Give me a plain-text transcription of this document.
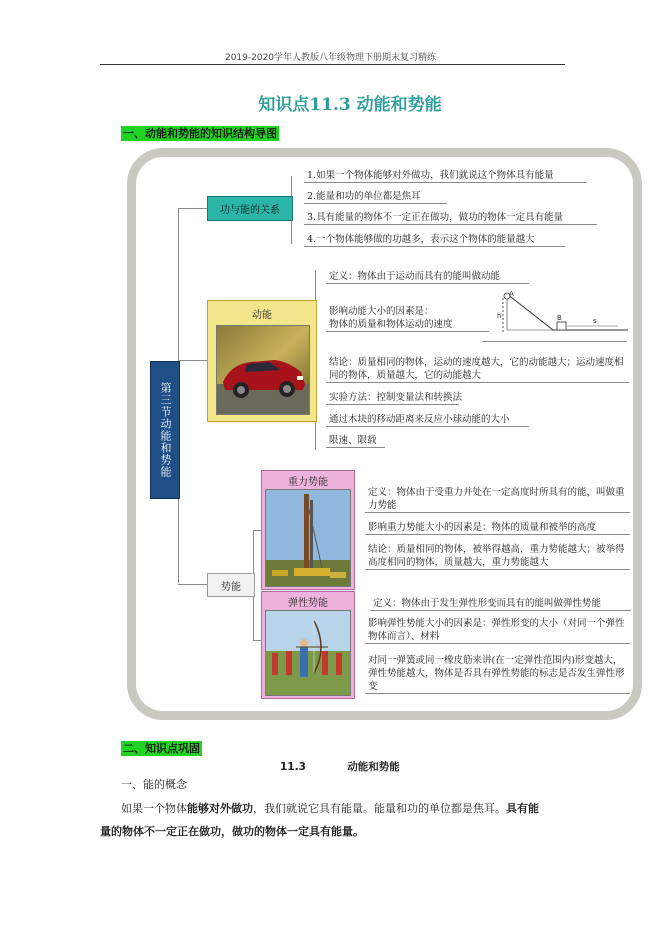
2019-2020学年人教版八年级物理下册期末复习精练
知识点11.3 动能和势能
一、动能和势能的知识结构导图
第三节动能和势能
功与能的关系
1.如果一个物体能够对外做功，我们就说这个物体具有能量
2.能量和功的单位都是焦耳
3.具有能量的物体不一定正在做功，做功的物体一定具有能量
4.一个物体能够做的功越多，表示这个物体的能量越大
动能
定义：物体由于运动而具有的能叫做动能
影响动能大小的因素是：
物体的质量和物体运动的速度
A
h	B	s
结论：质量相同的物体，运动的速度越大，它的动能越大；运动速度相同的物体，质量越大，它的动能越大
实验方法：控制变量法和转换法
通过木块的移动距离来反应小球动能的大小
限速、限载
势能
重力势能
定义：物体由于受重力并处在一定高度时所具有的能，叫做重力势能
影响重力势能大小的因素是：物体的质量和被举的高度
结论：质量相同的物体，被举得越高，重力势能越大；被举得高度相同的物体，质量越大，重力势能越大
弹性势能	定义：物体由于发生弹性形变而具有的能叫做弹性势能
影响弹性势能大小的因素是：弹性形变的大小（对同一个弹性物体而言）、材料
对同一弹簧或同一橡皮筋来讲(在一定弹性范围内)形变越大，弹性势能越大，物体是否具有弹性势能的标志是否发生弹性形变
二、知识点巩固
11.3	动能和势能
一、能的概念
如果一个物体能够对外做功，我们就说它具有能量。能量和功的单位都是焦耳。具有能
量的物体不一定正在做功，做功的物体一定具有能量。
